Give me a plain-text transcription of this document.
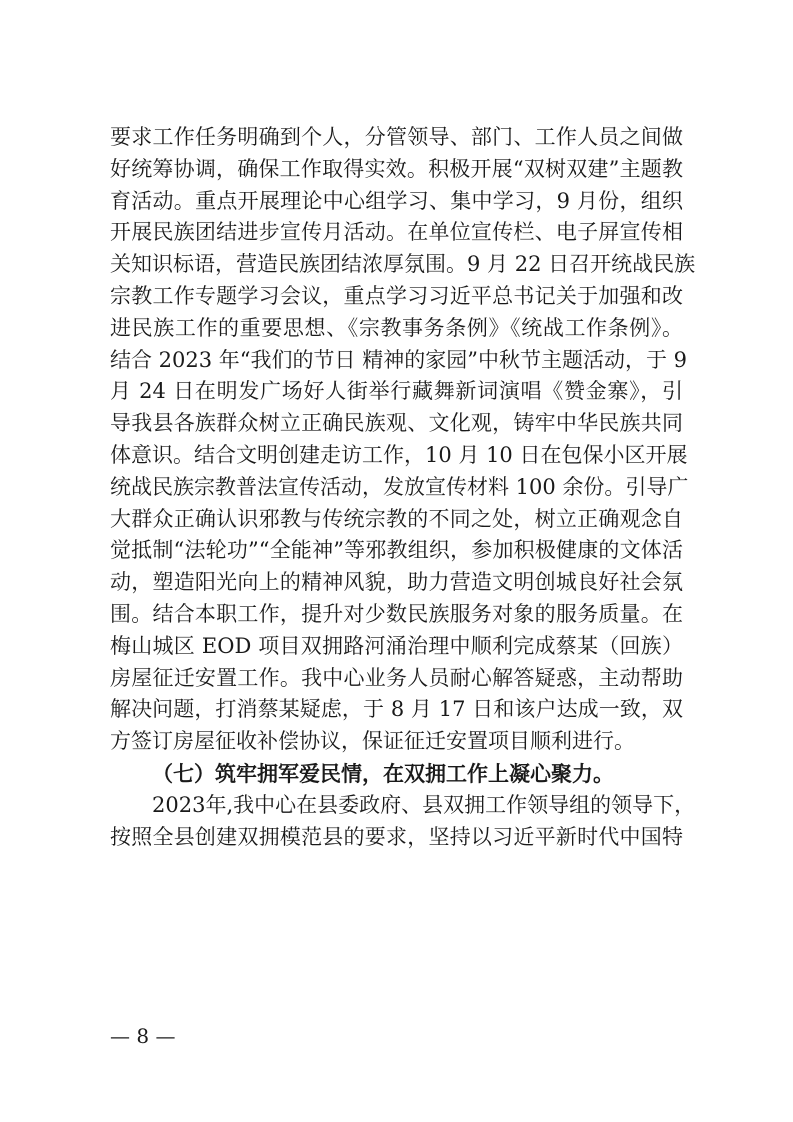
要求工作任务明确到个人，分管领导、部门、工作人员之间做
好统筹协调，确保工作取得实效。积极开展“双树双建”主题教
育活动。重点开展理论中心组学习、集中学习，9 月份，组织
开展民族团结进步宣传月活动。在单位宣传栏、电子屏宣传相
关知识标语，营造民族团结浓厚氛围。9 月 22 日召开统战民族
宗教工作专题学习会议，重点学习习近平总书记关于加强和改
进民族工作的重要思想、《宗教事务条例》《统战工作条例》。
结合 2023 年“我们的节日 精神的家园”中秋节主题活动，于 9
月 24 日在明发广场好人街举行藏舞新词演唱《赞金寨》，引
导我县各族群众树立正确民族观、文化观，铸牢中华民族共同
体意识。结合文明创建走访工作，10 月 10 日在包保小区开展
统战民族宗教普法宣传活动，发放宣传材料 100 余份。引导广
大群众正确认识邪教与传统宗教的不同之处，树立正确观念自
觉抵制“法轮功”“全能神”等邪教组织，参加积极健康的文体活
动，塑造阳光向上的精神风貌，助力营造文明创城良好社会氛
围。结合本职工作，提升对少数民族服务对象的服务质量。在
梅山城区 EOD 项目双拥路河涌治理中顺利完成蔡某（回族）
房屋征迁安置工作。我中心业务人员耐心解答疑惑，主动帮助
解决问题，打消蔡某疑虑，于 8 月 17 日和该户达成一致，双
方签订房屋征收补偿协议，保证征迁安置项目顺利进行。
（七）筑牢拥军爱民情，在双拥工作上凝心聚力。
2023年,我中心在县委政府、县双拥工作领导组的领导下，
按照全县创建双拥模范县的要求，坚持以习近平新时代中国特
— 8 —
